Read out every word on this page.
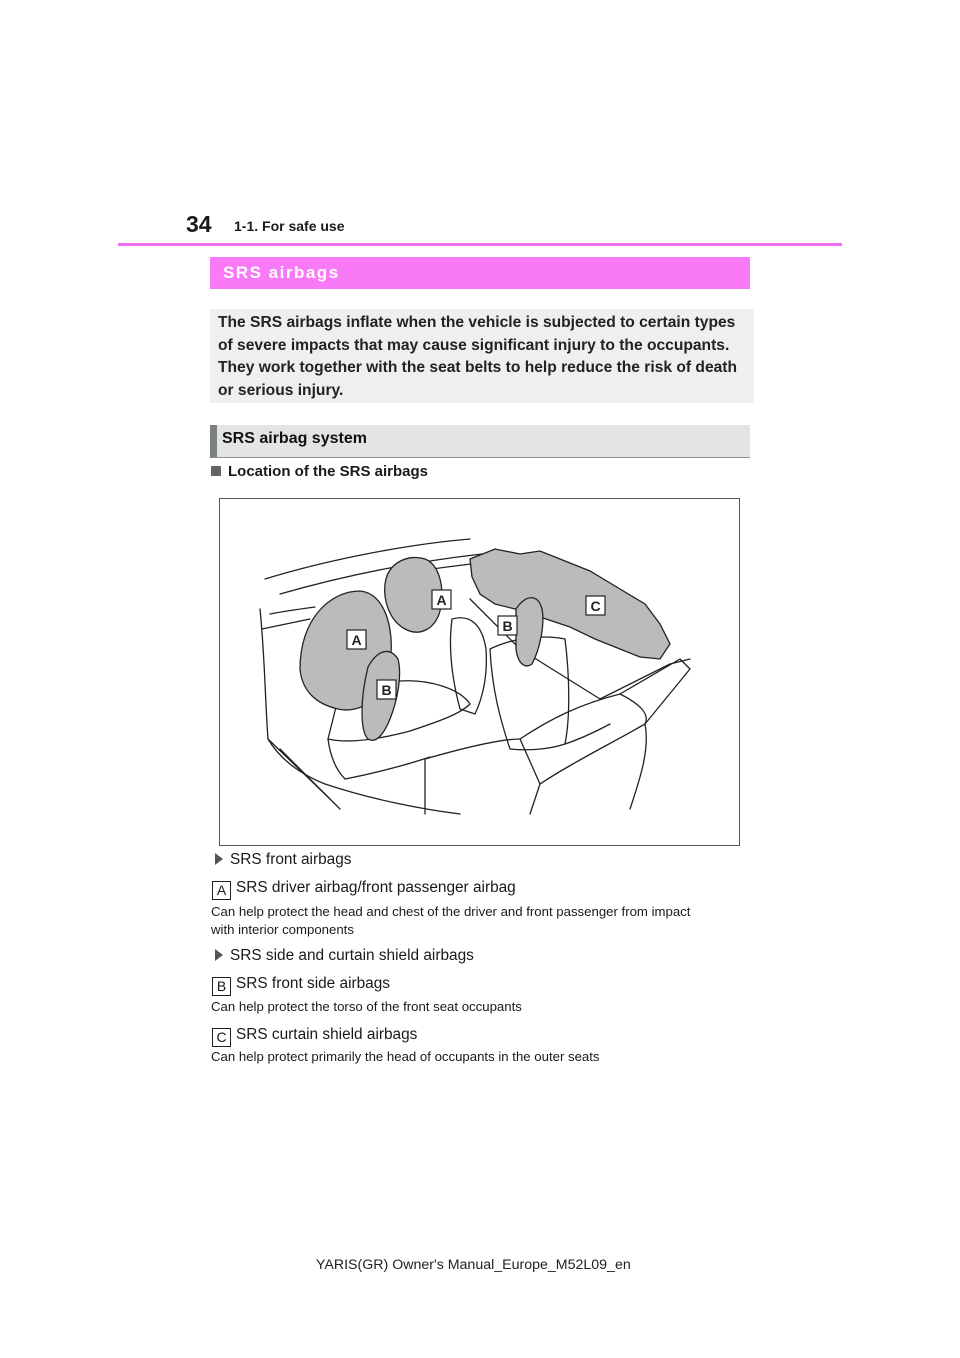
34 1-1. For safe use
SRS airbags
The SRS airbags inflate when the vehicle is subjected to certain types of severe impacts that may cause significant injury to the occupants. They work together with the seat belts to help reduce the risk of death or serious injury.
SRS airbag system
Location of the SRS airbags
A
A
B
B
C
SRS front airbags
A SRS driver airbag/front passenger airbag
Can help protect the head and chest of the driver and front passenger from impact
with interior components
SRS side and curtain shield airbags
B SRS front side airbags
Can help protect the torso of the front seat occupants
C SRS curtain shield airbags
Can help protect primarily the head of occupants in the outer seats
YARIS(GR) Owner's Manual_Europe_M52L09_en
